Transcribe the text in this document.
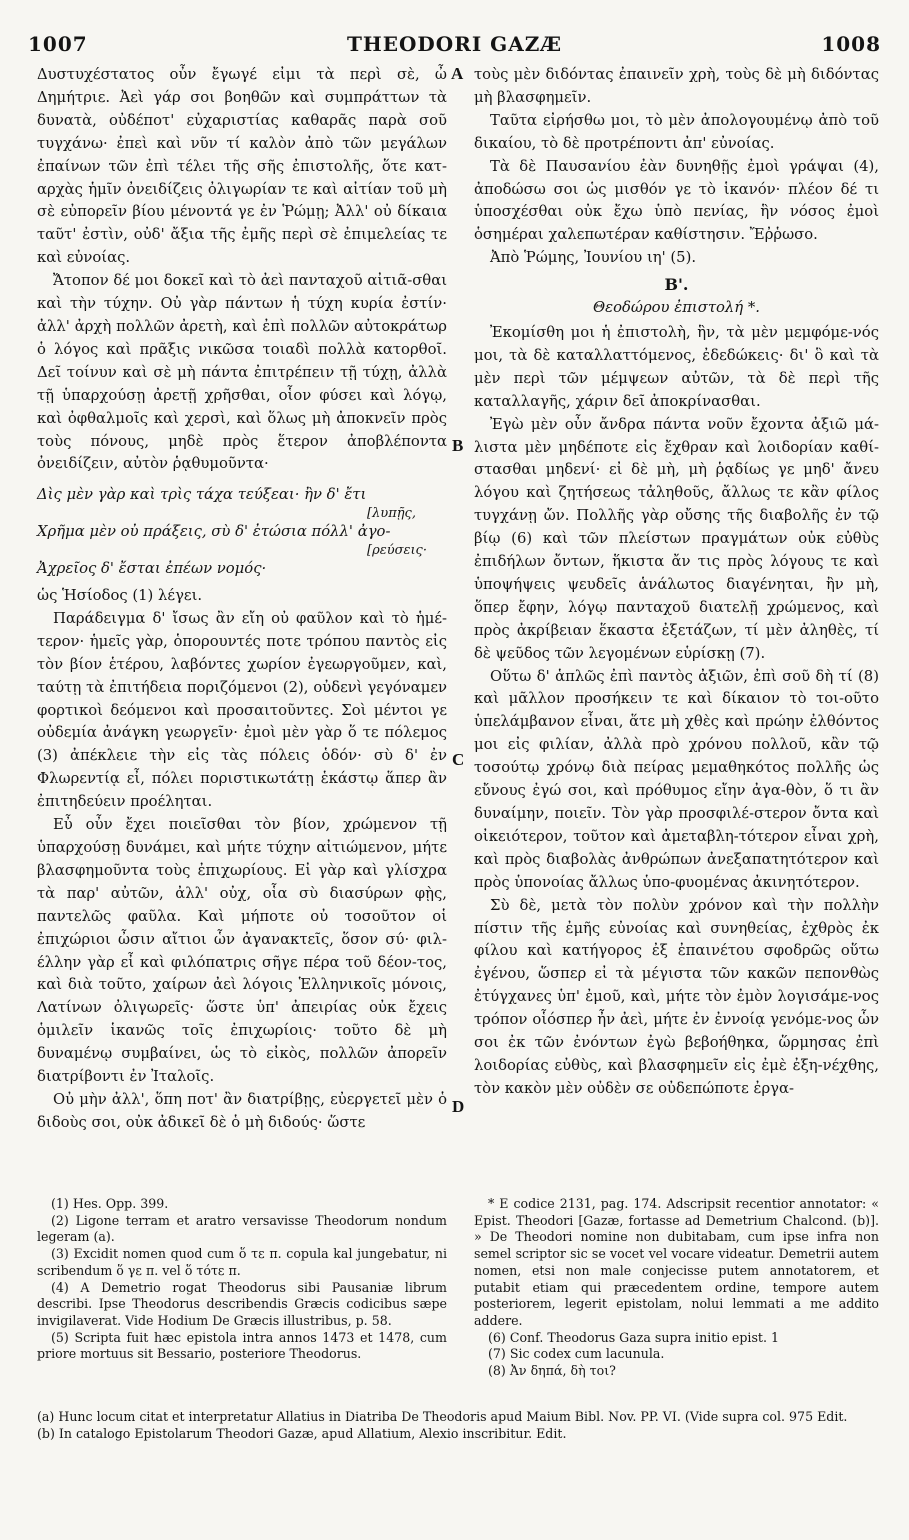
1007	THEODORI GAZÆ	1008
A
B
C
D

Δυστυχέστατος οὖν ἔγωγέ εἰμι τὰ περὶ σὲ, ὦ Δημήτριε. Ἀεὶ γάρ σοι βοηθῶν καὶ συμπράττων τὰ δυνατὰ, οὐδέποτ' εὐχαριστίας καθαρᾶς παρὰ σοῦ τυγχάνω· ἐπεὶ καὶ νῦν τί καλὸν ἀπὸ τῶν μεγάλων ἐπαίνων τῶν ἐπὶ τέλει τῆς σῆς ἐπιστολῆς, ὅτε κατ-αρχὰς ἡμῖν ὀνειδίζεις ὀλιγωρίαν τε καὶ αἰτίαν τοῦ μὴ σὲ εὐπορεῖν βίου μένοντά γε ἐν Ῥώμῃ; Ἀλλ' οὐ δίκαια ταῦτ' ἐστὶν, οὐδ' ἄξια τῆς ἐμῆς περὶ σὲ ἐπιμελείας τε καὶ εὐνοίας.

Ἄτοπον δέ μοι δοκεῖ καὶ τὸ ἀεὶ πανταχοῦ αἰτιᾶ-σθαι καὶ τὴν τύχην. Οὐ γὰρ πάντων ἡ τύχη κυρία ἐστίν· ἀλλ' ἀρχὴ πολλῶν ἀρετὴ, καὶ ἐπὶ πολλῶν αὐτοκράτωρ ὁ λόγος καὶ πρᾶξις νικῶσα τοιαδὶ πολλὰ κατορθοῖ. Δεῖ τοίνυν καὶ σὲ μὴ πάντα ἐπιτρέπειν τῇ τύχῃ, ἀλλὰ τῇ ὑπαρχούσῃ ἀρετῇ χρῆσθαι, οἷον φύσει καὶ λόγῳ, καὶ ὀφθαλμοῖς καὶ χερσὶ, καὶ ὅλως μὴ ἀποκνεῖν πρὸς τοὺς πόνους, μηδὲ πρὸς ἕτερον ἀποβλέποντα ὀνειδίζειν, αὐτὸν ῥᾳθυμοῦντα·

Δὶς μὲν γὰρ καὶ τρὶς τάχα τεύξεαι· ἢν δ' ἔτι
[λυπῇς,
Χρῆμα μὲν οὐ πράξεις, σὺ δ' ἐτώσια πόλλ' ἀγο-
[ρεύσεις·
Ἀχρεῖος δ' ἔσται ἐπέων νομός·

ὡς Ἡσίοδος (1) λέγει.

Παράδειγμα δ' ἴσως ἂν εἴη οὐ φαῦλον καὶ τὸ ἡμέ-τερον· ἡμεῖς γὰρ, ὁπορουντές ποτε τρόπου παντὸς εἰς τὸν βίον ἑτέρου, λαβόντες χωρίον ἐγεωργοῦμεν, καὶ, ταύτῃ τὰ ἐπιτήδεια ποριζόμενοι (2), οὐδενὶ γεγόναμεν φορτικοὶ δεόμενοι καὶ προσαιτοῦντες. Σοὶ μέντοι γε οὐδεμία ἀνάγκη γεωργεῖν· ἐμοὶ μὲν γὰρ ὅ τε πόλεμος (3) ἀπέκλειε τὴν εἰς τὰς πόλεις ὁδόν· σὺ δ' ἐν Φλωρεντίᾳ εἶ, πόλει ποριστικωτάτῃ ἑκάστῳ ἅπερ ἂν ἐπιτηδεύειν προέληται.

Εὖ οὖν ἔχει ποιεῖσθαι τὸν βίον, χρώμενον τῇ ὑπαρχούσῃ δυνάμει, καὶ μήτε τύχην αἰτιώμενον, μήτε βλασφημοῦντα τοὺς ἐπιχωρίους. Εἰ γὰρ καὶ γλίσχρα τὰ παρ' αὐτῶν, ἀλλ' οὐχ, οἷα σὺ διασύρων φῂς, παντελῶς φαῦλα. Καὶ μήποτε οὐ τοσοῦτον οἱ ἐπιχώριοι ὦσιν αἴτιοι ὧν ἀγανακτεῖς, ὅσον σύ· φιλ-έλλην γὰρ εἶ καὶ φιλόπατρις σῆγε πέρα τοῦ δέον-τος, καὶ διὰ τοῦτο, χαίρων ἀεὶ λόγοις Ἑλληνικοῖς μόνοις, Λατίνων ὀλιγωρεῖς· ὥστε ὑπ' ἀπειρίας οὐκ ἔχεις ὁμιλεῖν ἱκανῶς τοῖς ἐπιχωρίοις· τοῦτο δὲ μὴ δυναμένῳ συμβαίνει, ὡς τὸ εἰκὸς, πολλῶν ἀπορεῖν διατρίβοντι ἐν Ἰταλοῖς.

Οὐ μὴν ἀλλ', ὅπη ποτ' ἂν διατρίβῃς, εὐεργετεῖ μὲν ὁ διδοὺς σοι, οὐκ ἀδικεῖ δὲ ὁ μὴ διδούς· ὥστε

τοὺς μὲν διδόντας ἐπαινεῖν χρὴ, τοὺς δὲ μὴ διδόντας μὴ βλασφημεῖν.

Ταῦτα εἰρήσθω μοι, τὸ μὲν ἀπολογουμένῳ ἀπὸ τοῦ δικαίου, τὸ δὲ προτρέποντι ἀπ' εὐνοίας.

Τὰ δὲ Παυσανίου ἐὰν δυνηθῇς ἐμοὶ γράψαι (4), ἀποδώσω σοι ὡς μισθόν γε τὸ ἱκανόν· πλέον δέ τι ὑποσχέσθαι οὐκ ἔχω ὑπὸ πενίας, ἣν νόσος ἐμοὶ ὁσημέραι χαλεπωτέραν καθίστησιν. Ἔῤῥωσο.

Ἀπὸ Ῥώμης, Ἰουνίου ιη' (5).

B'.

Θεοδώρου ἐπιστολή *.

Ἐκομίσθη μοι ἡ ἐπιστολὴ, ἣν, τὰ μὲν μεμφόμε-νός μοι, τὰ δὲ καταλλαττόμενος, ἐδεδώκεις· δι' ὃ καὶ τὰ μὲν περὶ τῶν μέμψεων αὐτῶν, τὰ δὲ περὶ τῆς καταλλαγῆς, χάριν δεῖ ἀποκρίνασθαι.

Ἐγὼ μὲν οὖν ἄνδρα πάντα νοῦν ἔχοντα ἀξιῶ μά-λιστα μὲν μηδέποτε εἰς ἔχθραν καὶ λοιδορίαν καθί-στασθαι μηδενί· εἰ δὲ μὴ, μὴ ῥᾳδίως γε μηδ' ἄνευ λόγου καὶ ζητήσεως τἀληθοῦς, ἄλλως τε κἂν φίλος τυγχάνῃ ὤν. Πολλῆς γὰρ οὔσης τῆς διαβολῆς ἐν τῷ βίῳ (6) καὶ τῶν πλείστων πραγμάτων οὐκ εὐθὺς ἐπιδήλων ὄντων, ἥκιστα ἄν τις πρὸς λόγους τε καὶ ὑποψήψεις ψευδεῖς ἁνάλωτος διαγένηται, ἢν μὴ, ὅπερ ἔφην, λόγῳ πανταχοῦ διατελῇ χρώμενος, καὶ πρὸς ἀκρίβειαν ἕκαστα ἐξετάζων, τί μὲν ἀληθὲς, τί δὲ ψεῦδος τῶν λεγομένων εὑρίσκῃ (7).

Οὕτω δ' ἁπλῶς ἐπὶ παντὸς ἀξιῶν, ἐπὶ σοῦ δὴ τί (8) καὶ μᾶλλον προσήκειν τε καὶ δίκαιον τὸ τοι-οῦτο ὑπελάμβανον εἶναι, ἅτε μὴ χθὲς καὶ πρώην ἐλθόντος μοι εἰς φιλίαν, ἀλλὰ πρὸ χρόνου πολλοῦ, κἂν τῷ τοσούτῳ χρόνῳ διὰ πείρας μεμαθηκότος πολλῆς ὡς εὔνους ἐγώ σοι, καὶ πρόθυμος εἴην ἀγα-θὸν, ὅ τι ἂν δυναίμην, ποιεῖν. Τὸν γὰρ προσφιλέ-στερον ὄντα καὶ οἰκειότερον, τοῦτον καὶ ἀμεταβλη-τότερον εἶναι χρὴ, καὶ πρὸς διαβολὰς ἀνθρώπων ἀνεξαπατητότερον καὶ πρὸς ὑπονοίας ἄλλως ὑπο-φυομένας ἀκινητότερον.

Σὺ δὲ, μετὰ τὸν πολὺν χρόνον καὶ τὴν πολλὴν πίστιν τῆς ἐμῆς εὐνοίας καὶ συνηθείας, ἐχθρὸς ἐκ φίλου καὶ κατήγορος ἐξ ἐπαινέτου σφοδρῶς οὕτω ἐγένου, ὥσπερ εἰ τὰ μέγιστα τῶν κακῶν πεπονθὼς ἐτύγχανες ὑπ' ἐμοῦ, καὶ, μήτε τὸν ἐμὸν λογισάμε-νος τρόπον οἷόσπερ ἦν ἀεὶ, μήτε ἐν ἐννοίᾳ γενόμε-νος ὧν σοι ἐκ τῶν ἐνόντων ἐγὼ βεβοήθηκα, ὥρμησας ἐπὶ λοιδορίας εὐθὺς, καὶ βλασφημεῖν εἰς ἐμὲ ἐξη-νέχθης, τὸν κακὸν μὲν οὐδὲν σε οὐδεπώποτε ἐργα-

(1) Hes. Opp. 399.

(2) Ligone terram et aratro versavisse Theodorum nondum legeram (a).

(3) Excidit nomen quod cum ὅ τε π. copula kal jungebatur, ni scribendum ὅ γε π. vel ὅ τότε π.

(4) A Demetrio rogat Theodorus sibi Pausaniæ librum describi. Ipse Theodorus describendis Græcis codicibus sæpe invigilaverat. Vide Hodium De Græcis illustribus, p. 58.

(5) Scripta fuit hæc epistola intra annos 1473 et 1478, cum priore mortuus sit Bessario, posteriore Theodorus.

* E codice 2131, pag. 174. Adscripsit recentior annotator: « Epist. Theodori [Gazæ, fortasse ad Demetrium Chalcond. (b)]. » De Theodori nomine non dubitabam, cum ipse infra non semel scriptor sic se vocet vel vocare videatur. Demetrii autem nomen, etsi non male conjecisse putem annotatorem, et putabit etiam qui præcedentem ordine, tempore autem posteriorem, legerit epistolam, nolui lemmati a me addito addere.

(6) Conf. Theodorus Gaza supra initio epist. 1

(7) Sic codex cum lacunula.

(8) Ἀν δηπά, δὴ τοι?

(a) Hunc locum citat et interpretatur Allatius in Diatriba De Theodoris apud Maium Bibl. Nov. PP. VI. (Vide supra col. 975 Edit.

(b) In catalogo Epistolarum Theodori Gazæ, apud Allatium, Alexio inscribitur. Edit.
